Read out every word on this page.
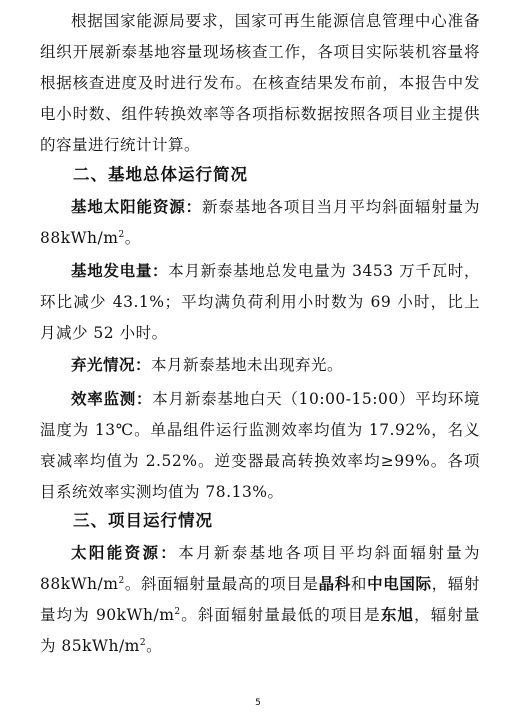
根据国家能源局要求，国家可再生能源信息管理中心准备组织开展新泰基地容量现场核查工作，各项目实际装机容量将根据核查进度及时进行发布。在核查结果发布前，本报告中发电小时数、组件转换效率等各项指标数据按照各项目业主提供的容量进行统计计算。

二、基地总体运行简况

基地太阳能资源：新泰基地各项目当月平均斜面辐射量为 $88kWh/m^2$。

基地发电量：本月新泰基地总发电量为 3453 万千瓦时，环比减少 43.1%；平均满负荷利用小时数为 69 小时，比上月减少 52 小时。

弃光情况：本月新泰基地未出现弃光。

效率监测：本月新泰基地白天（10:00-15:00）平均环境温度为 13℃。单晶组件运行监测效率均值为 17.92%，名义衰减率均值为 2.52%。逆变器最高转换效率均≥99%。各项目系统效率实测均值为 78.13%。

三、项目运行情况

太阳能资源：本月新泰基地各项目平均斜面辐射量为 $88kWh/m^2$。斜面辐射量最高的项目是晶科和中电国际，辐射量均为 $90kWh/m^2$。斜面辐射量最低的项目是东旭，辐射量为 $85kWh/m^2$。

5
